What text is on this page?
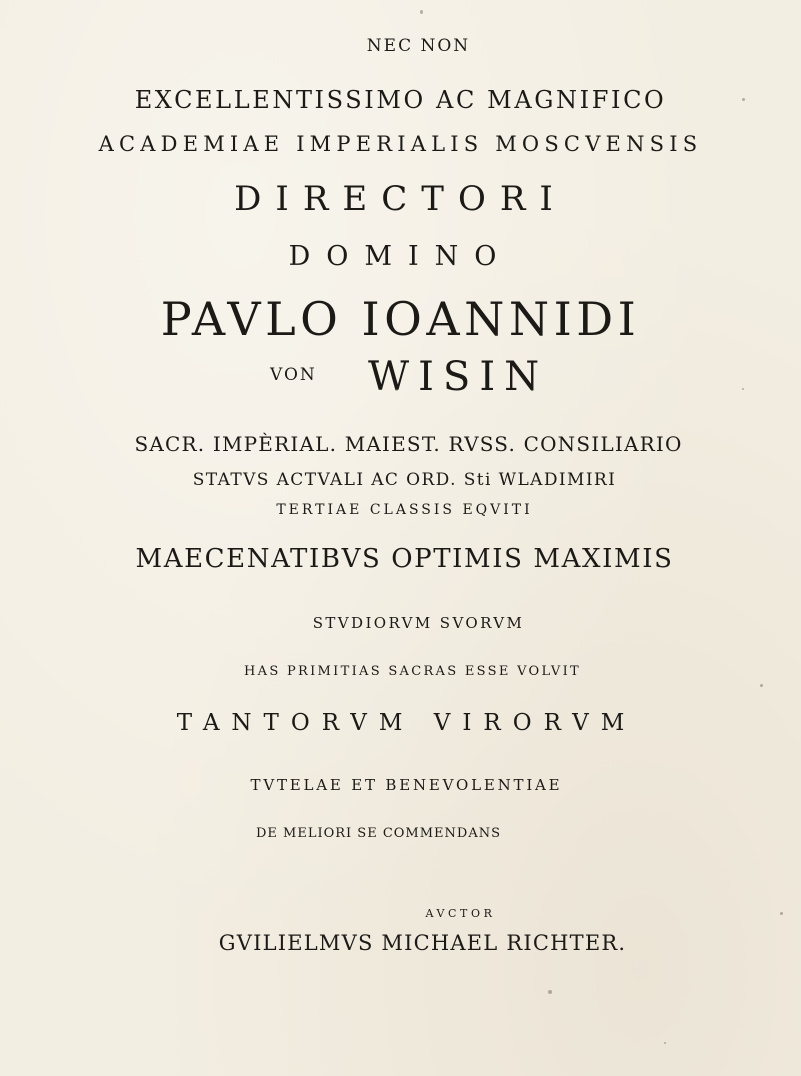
NEC NON
EXCELLENTISSIMO AC MAGNIFICO
ACADEMIAE IMPERIALIS MOSCVENSIS
DIRECTORI
DOMINO
PAVLO IOANNIDI
VON WISIN
SACR. IMPÈRIAL. MAIEST. RVSS. CONSILIARIO
STATVS ACTVALI AC ORD. Sti WLADIMIRI
TERTIAE CLASSIS EQVITI
MAECENATIBVS OPTIMIS MAXIMIS
STVDIORVM SVORVM
HAS PRIMITIAS SACRAS ESSE VOLVIT
TANTORVM VIRORVM
TVTELAE ET BENEVOLENTIAE
DE MELIORI SE COMMENDANS
AVCTOR
GVILIELMVS MICHAEL RICHTER.
